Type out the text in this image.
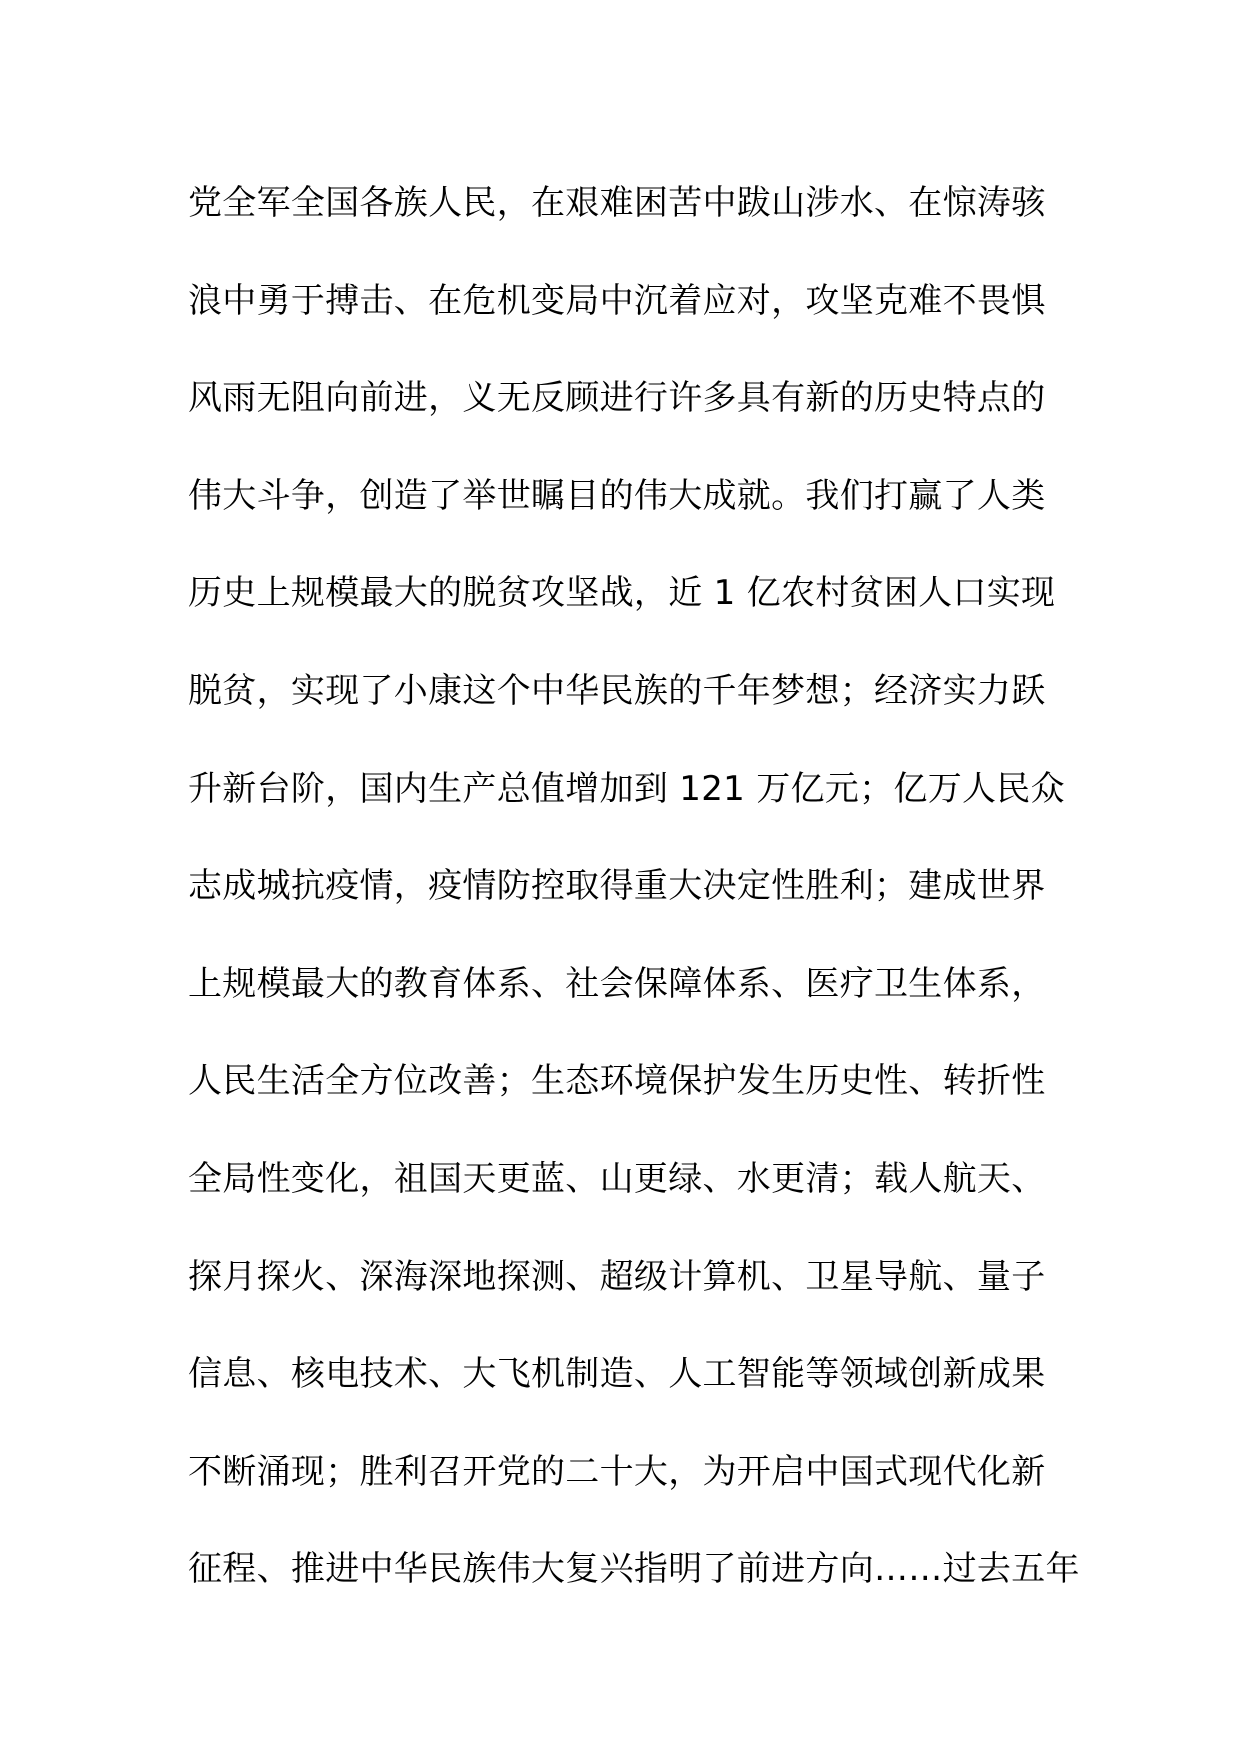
党全军全国各族人民，在艰难困苦中跋山涉水、在惊涛骇
浪中勇于搏击、在危机变局中沉着应对，攻坚克难不畏惧
风雨无阻向前进，义无反顾进行许多具有新的历史特点的
伟大斗争，创造了举世瞩目的伟大成就。我们打赢了人类
历史上规模最大的脱贫攻坚战，近 1 亿农村贫困人口实现
脱贫，实现了小康这个中华民族的千年梦想；经济实力跃
升新台阶，国内生产总值增加到 121 万亿元；亿万人民众
志成城抗疫情，疫情防控取得重大决定性胜利；建成世界
上规模最大的教育体系、社会保障体系、医疗卫生体系，
人民生活全方位改善；生态环境保护发生历史性、转折性
全局性变化，祖国天更蓝、山更绿、水更清；载人航天、
探月探火、深海深地探测、超级计算机、卫星导航、量子
信息、核电技术、大飞机制造、人工智能等领域创新成果
不断涌现；胜利召开党的二十大，为开启中国式现代化新
征程、推进中华民族伟大复兴指明了前进方向……过去五年
